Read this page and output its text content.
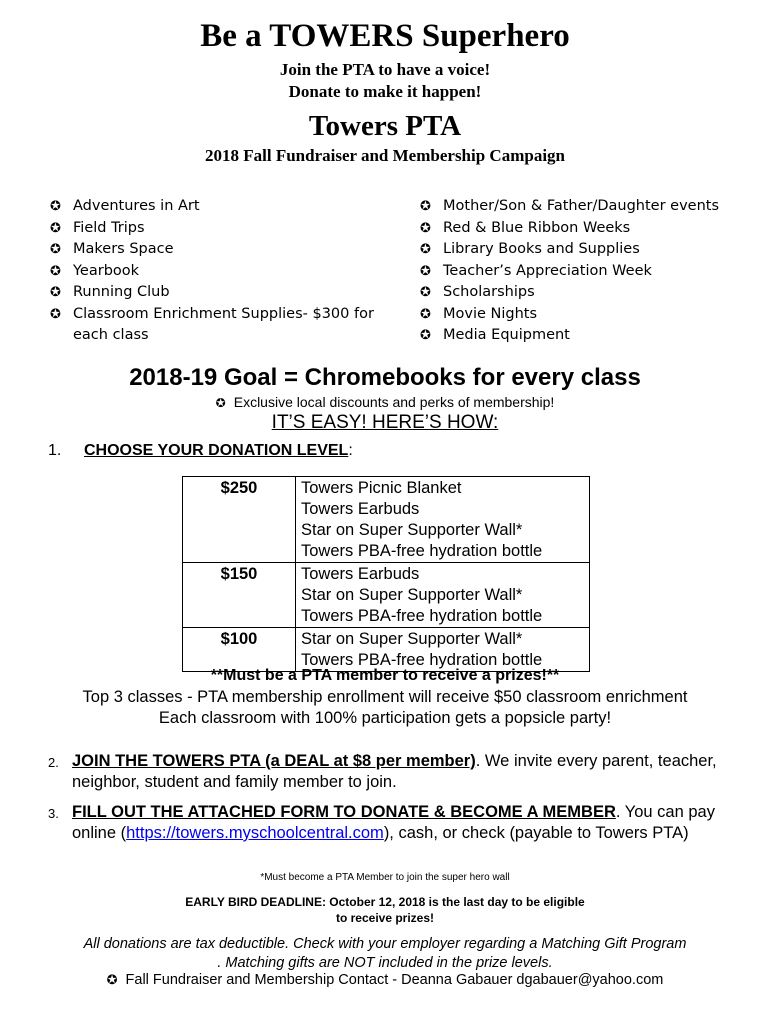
Be a TOWERS Superhero
Join the PTA to have a voice!
Donate to make it happen!
Towers PTA
2018 Fall Fundraiser and Membership Campaign
✪ Adventures in Art
✪ Field Trips
✪ Makers Space
✪ Yearbook
✪ Running Club
✪ Classroom Enrichment Supplies- $300 for each class
✪ Mother/Son & Father/Daughter events
✪ Red & Blue Ribbon Weeks
✪ Library Books and Supplies
✪ Teacher’s Appreciation Week
✪ Scholarships
✪ Movie Nights
✪ Media Equipment
2018-19 Goal = Chromebooks for every class
✪ Exclusive local discounts and perks of membership!
IT’S EASY! HERE’S HOW:
1. CHOOSE YOUR DONATION LEVEL:
$250	Towers Picnic Blanket
Towers Earbuds
Star on Super Supporter Wall*
Towers PBA-free hydration bottle

$150	Towers Earbuds
Star on Super Supporter Wall*
Towers PBA-free hydration bottle

$100	Star on Super Supporter Wall*
Towers PBA-free hydration bottle
**Must be a PTA member to receive a prizes!**
Top 3 classes - PTA membership enrollment will receive $50 classroom enrichment
Each classroom with 100% participation gets a popsicle party!
2. JOIN THE TOWERS PTA (a DEAL at $8 per member). We invite every parent, teacher, neighbor, student and family member to join.
3. FILL OUT THE ATTACHED FORM TO DONATE & BECOME A MEMBER. You can pay online (https://towers.myschoolcentral.com), cash, or check (payable to Towers PTA)
*Must become a PTA Member to join the super hero wall
EARLY BIRD DEADLINE: October 12, 2018 is the last day to be eligible
to receive prizes!
All donations are tax deductible. Check with your employer regarding a Matching Gift Program
. Matching gifts are NOT included in the prize levels.
✪ Fall Fundraiser and Membership Contact - Deanna Gabauer dgabauer@yahoo.com
